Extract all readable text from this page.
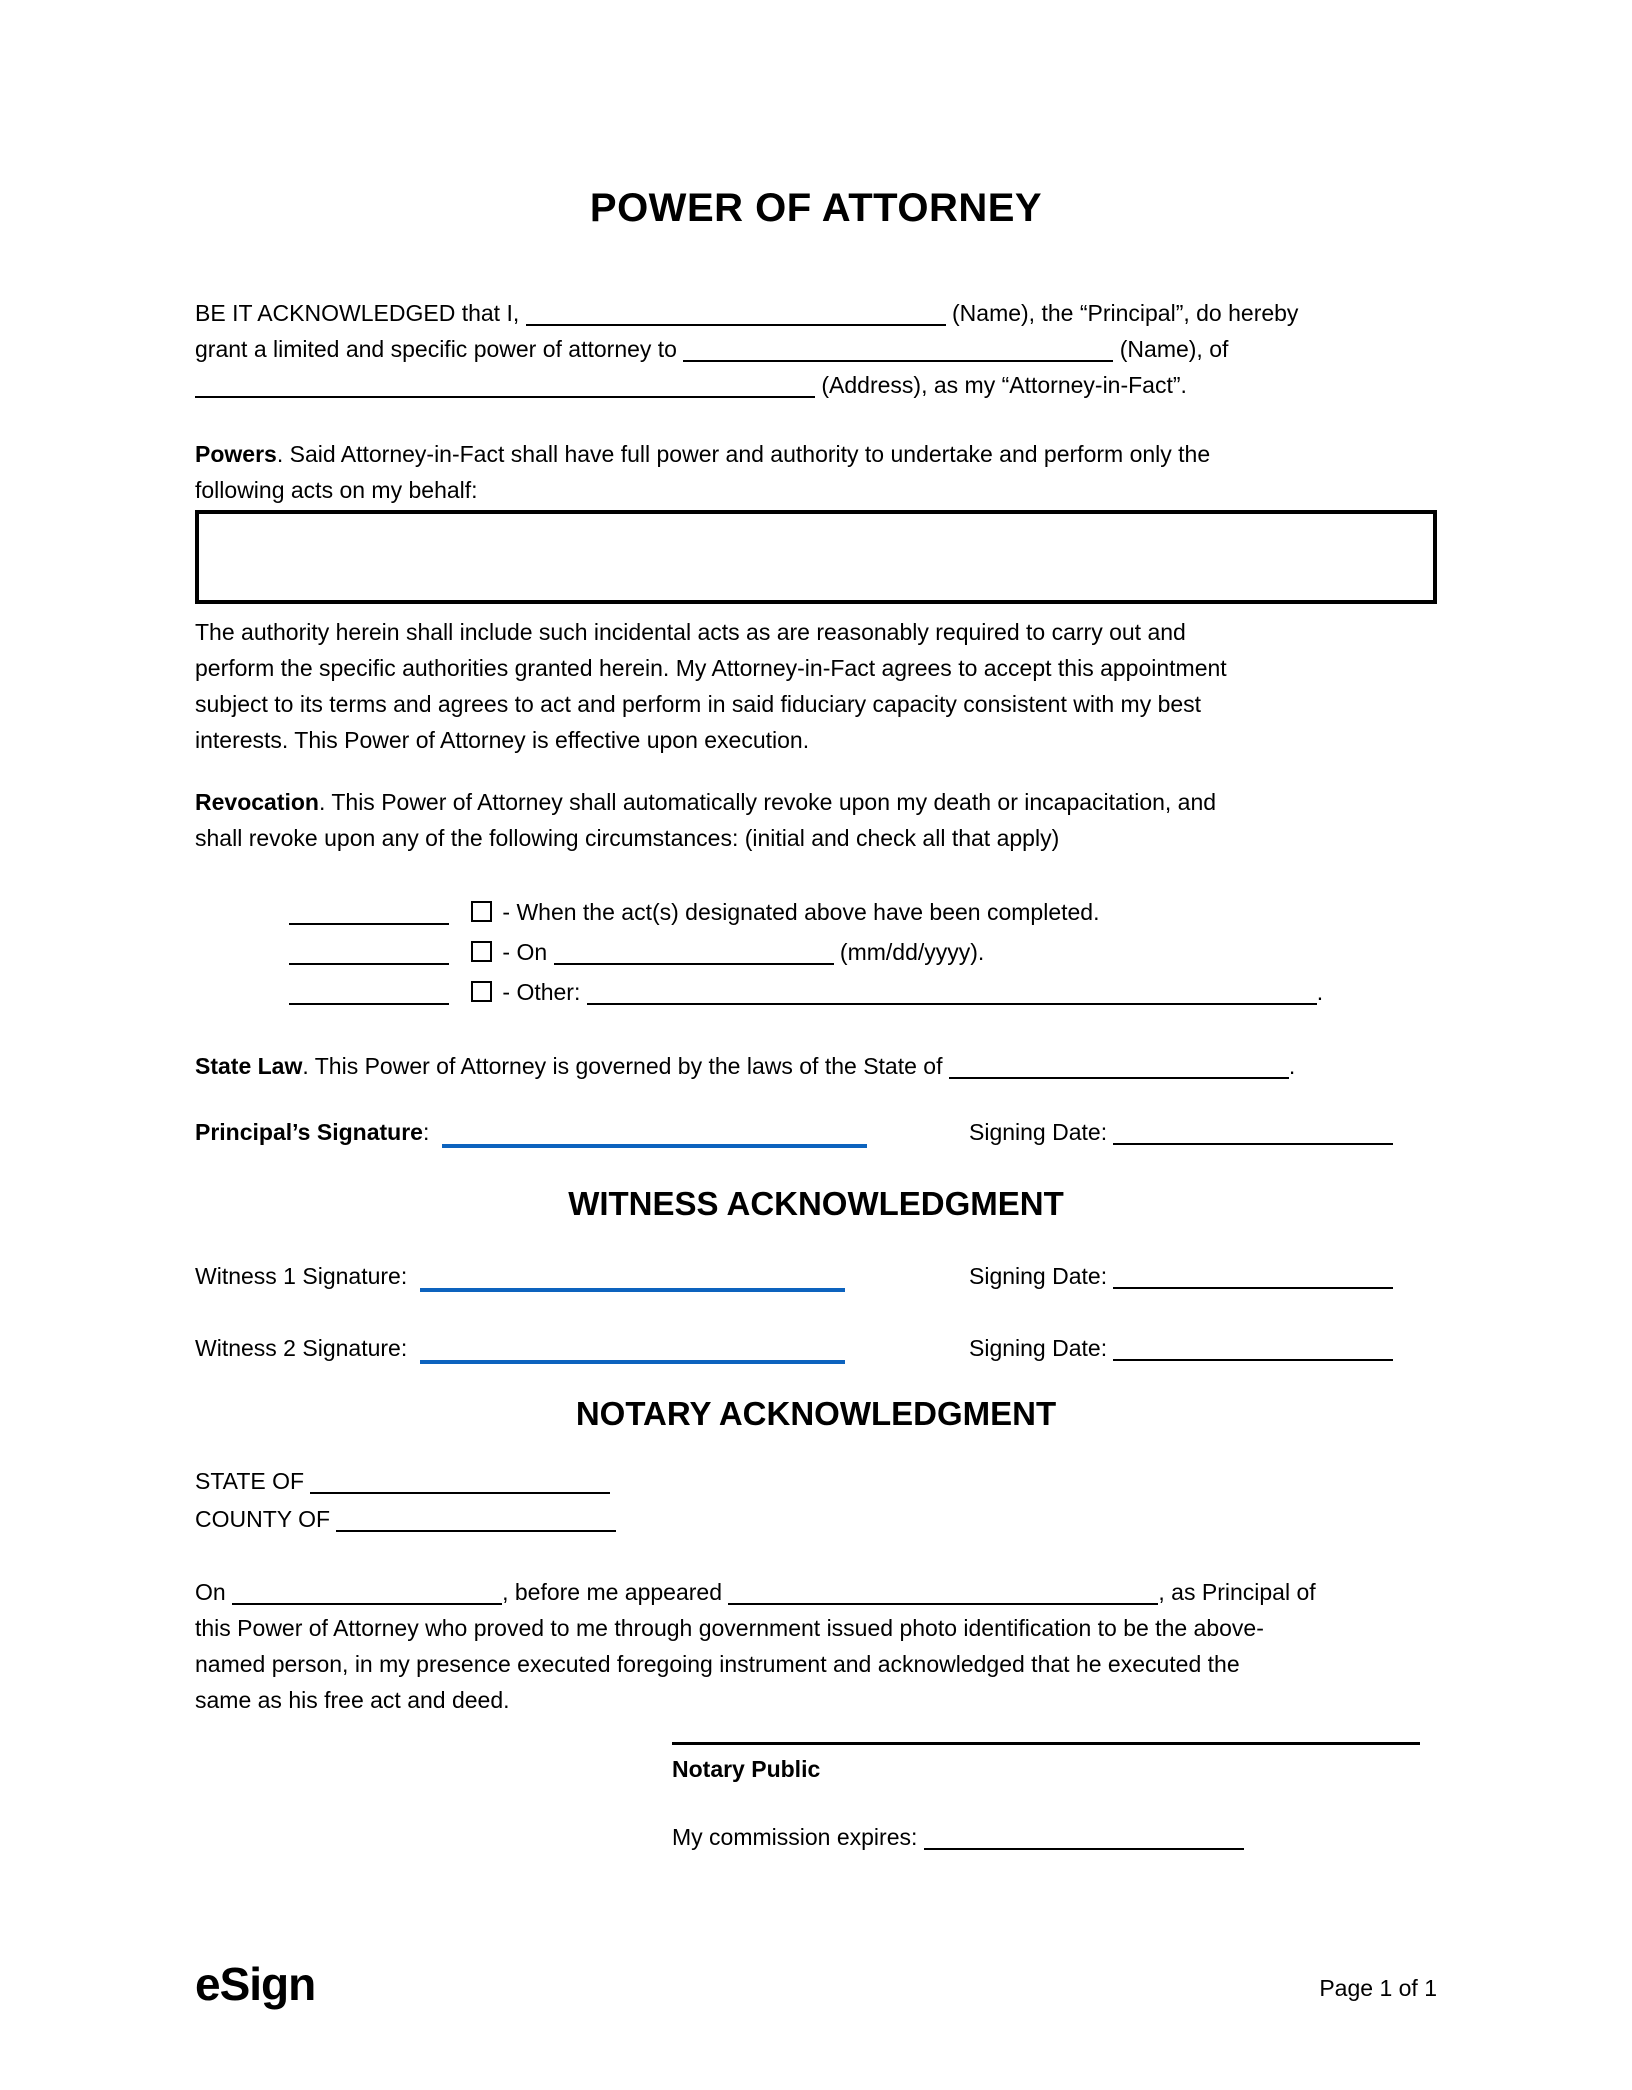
POWER OF ATTORNEY
BE IT ACKNOWLEDGED that I,	(Name), the “Principal”, do hereby
grant a limited and specific power of attorney to	(Name), of
(Address), as my “Attorney-in-Fact”.
Powers. Said Attorney-in-Fact shall have full power and authority to undertake and perform only the
following acts on my behalf:
The authority herein shall include such incidental acts as are reasonably required to carry out and
perform the specific authorities granted herein. My Attorney-in-Fact agrees to accept this appointment
subject to its terms and agrees to act and perform in said fiduciary capacity consistent with my best
interests. This Power of Attorney is effective upon execution.
Revocation. This Power of Attorney shall automatically revoke upon my death or incapacitation, and
shall revoke upon any of the following circumstances: (initial and check all that apply)
- When the act(s) designated above have been completed.
- On	(mm/dd/yyyy).
- Other:	.
State Law. This Power of Attorney is governed by the laws of the State of	.
Principal’s Signature:	Signing Date:
WITNESS ACKNOWLEDGMENT
Witness 1 Signature:	Signing Date:
Witness 2 Signature:	Signing Date:
NOTARY ACKNOWLEDGMENT
STATE OF
COUNTY OF
On	, before me appeared	, as Principal of
this Power of Attorney who proved to me through government issued photo identification to be the above-
named person, in my presence executed foregoing instrument and acknowledged that he executed the
same as his free act and deed.
Notary Public
My commission expires:
eSign	Page 1 of 1
